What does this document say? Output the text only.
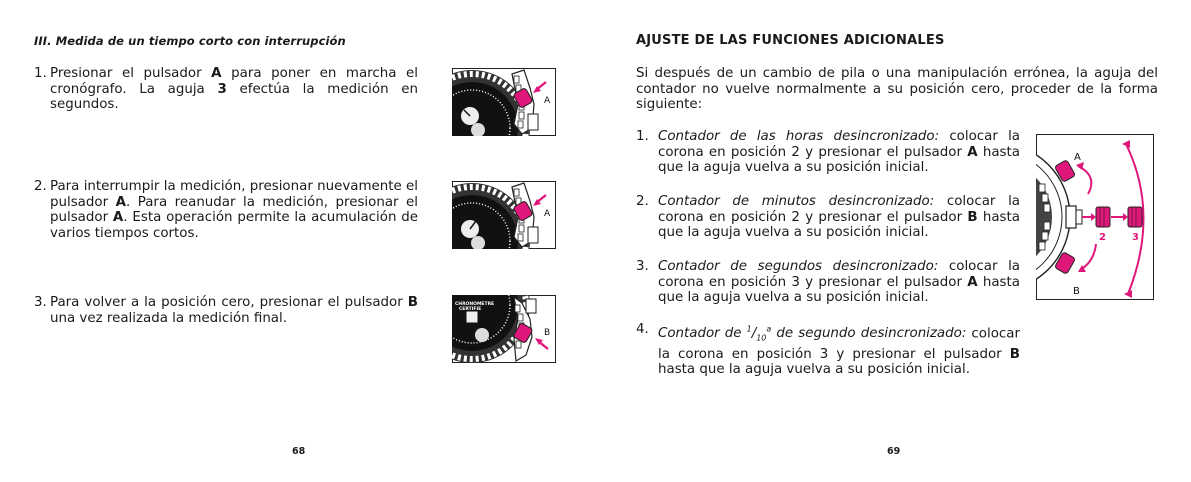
III. Medida de un tiempo corto con interrupción
1. Presionar el pulsador A para poner en marcha el cronógrafo. La aguja 3 efectúa la medición en segundos.
2. Para interrumpir la medición, presionar nuevamente el pulsador A. Para reanudar la medición, presionar el pulsador A. Esta operación permite la acumulación de varios tiempos cortos.
3. Para volver a la posición cero, presionar el pulsador B una vez realizada la medición final.
A
A
CHRONOMETRE
CERTIFIE
B
68
AJUSTE DE LAS FUNCIONES ADICIONALES
Si después de un cambio de pila o una manipulación errónea, la aguja del contador no vuelve normalmente a su posición cero, proceder de la forma siguiente:
1. Contador de las horas desincronizado: colocar la corona en posición 2 y presionar el pulsador A hasta que la aguja vuelva a su posición inicial.
2. Contador de minutos desincronizado: colocar la corona en posición 2 y presionar el pulsador B hasta que la aguja vuelva a su posición inicial.
3. Contador de segundos desincronizado: colocar la corona en posición 3 y presionar el pulsador A hasta que la aguja vuelva a su posición inicial.
4. Contador de $^1/_{10}^a$ de segundo desincronizado: colocar la corona en posición 3 y presionar el pulsador B hasta que la aguja vuelva a su posición inicial.
A
B
2	3
69
